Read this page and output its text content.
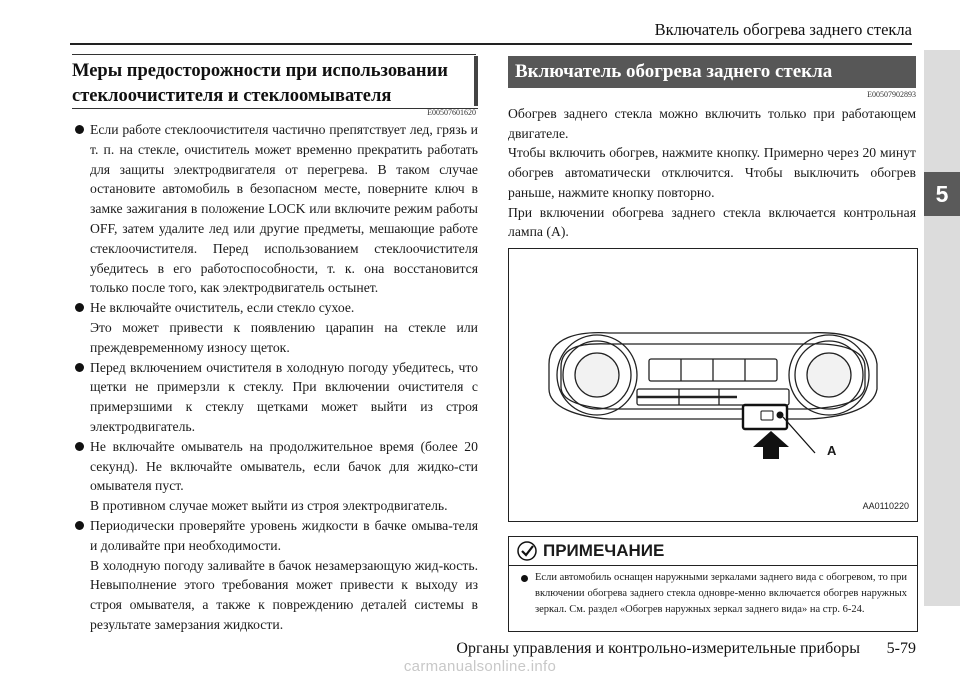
Включатель обогрева заднего стекла
5
Меры предосторожности при использовании
стеклоочистителя и стеклоомывателя
E00507601620

Если работе стеклоочистителя частично препятствует лед, грязь и т. п. на стекле, очиститель может временно прекратить работать для защиты электродвигателя от перегрева. В таком случае остановите автомобиль в безопасном месте, поверните ключ в замке зажигания в положение LOCK или включите режим работы OFF, затем удалите лед или другие предметы, мешающие работе стеклоочистителя. Перед использованием стеклоочистителя убедитесь в его работоспособности, т. к. она восстановится только после того, как электродвигатель остынет.

Не включайте очиститель, если стекло сухое.

Это может привести к появлению царапин на стекле или преждевременному износу щеток.

Перед включением очистителя в холодную погоду убедитесь, что щетки не примерзли к стеклу. При включении очистителя с примерзшими к стеклу щетками может выйти из строя электродвигатель.

Не включайте омыватель на продолжительное время (более 20 секунд). Не включайте омыватель, если бачок для жидко-сти омывателя пуст.

В противном случае может выйти из строя электродвигатель.

Периодически проверяйте уровень жидкости в бачке омыва-теля и доливайте при необходимости.

В холодную погоду заливайте в бачок незамерзающую жид-кость. Невыполнение этого требования может привести к выходу из строя омывателя, а также к повреждению деталей системы в результате замерзания жидкости.

Включатель обогрева заднего стекла
E00507902893

Обогрев заднего стекла можно включить только при работающем двигателе.

Чтобы включить обогрев, нажмите кнопку. Примерно через 20 минут обогрев автоматически отключится. Чтобы выключить обогрев раньше, нажмите кнопку повторно.

При включении обогрева заднего стекла включается контрольная лампа (A).

A
AA0110220
ПРИМЕЧАНИЕ
Если автомобиль оснащен наружными зеркалами заднего вида с обогревом, то при включении обогрева заднего стекла одновре-менно включается обогрев наружных зеркал. См. раздел «Обогрев наружных зеркал заднего вида» на стр. 6-24.
Органы управления и контрольно-измерительные приборы	5-79
carmanualsonline.info
